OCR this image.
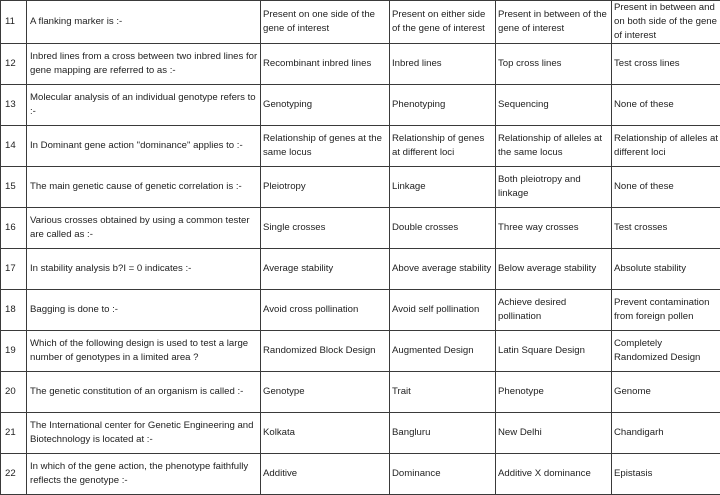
11	A flanking marker is :-	Present on one side of the gene of interest	Present on either side of the gene of interest	Present in between of the gene of interest	Present in between and on both side of the gene of interest
12	Inbred lines from a cross between two inbred lines for gene mapping are referred to as :-	Recombinant inbred lines	Inbred lines	Top cross lines	Test cross lines
13	Molecular analysis of an individual genotype refers to :-	Genotyping	Phenotyping	Sequencing	None of these
14	In Dominant gene action "dominance" applies to :-	Relationship of genes at the same locus	Relationship of genes at different loci	Relationship of alleles at the same locus	Relationship of alleles at different loci
15	The main genetic cause of genetic correlation is :-	Pleiotropy	Linkage	Both pleiotropy and linkage	None of these
16	Various crosses obtained by using a common tester are called as :-	Single crosses	Double crosses	Three way crosses	Test crosses
17	In stability analysis b?I = 0 indicates :-	Average stability	Above average stability	Below average stability	Absolute stability
18	Bagging is done to :-	Avoid cross pollination	Avoid self pollination	Achieve desired pollination	Prevent contamination from foreign pollen
19	Which of the following design is used to test a large number of genotypes in a limited area ?	Randomized Block Design	Augmented Design	Latin Square Design	Completely Randomized Design
20	The genetic constitution of an organism is called :-	Genotype	Trait	Phenotype	Genome
21	The International center for Genetic Engineering and Biotechnology is located at :-	Kolkata	Bangluru	New Delhi	Chandigarh
22	In which of the gene action, the phenotype faithfully reflects the genotype :-	Additive	Dominance	Additive X dominance	Epistasis
